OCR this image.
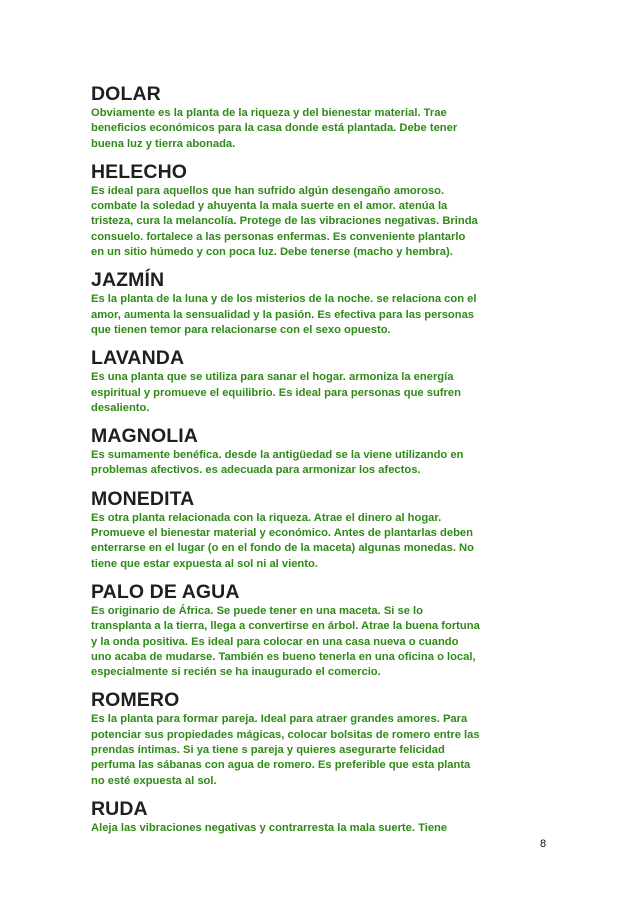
DOLAR

Obviamente es la planta de la riqueza y del bienestar material. Trae
beneficios económicos para la casa donde está plantada. Debe tener
buena luz y tierra abonada.

HELECHO

Es ideal para aquellos que han sufrido algún desengaño amoroso.
combate la soledad y ahuyenta la mala suerte en el amor. atenúa la
tristeza, cura la melancolía. Protege de las vibraciones negativas. Brinda
consuelo. fortalece a las personas enfermas. Es conveniente plantarlo
en un sitio húmedo y con poca luz. Debe tenerse (macho y hembra).

JAZMÍN

Es la planta de la luna y de los misterios de la noche. se relaciona con el
amor, aumenta la sensualidad y la pasión. Es efectiva para las personas
que tienen temor para relacionarse con el sexo opuesto.

LAVANDA

Es una planta que se utiliza para sanar el hogar. armoniza la energía
espiritual y promueve el equilibrio. Es ideal para personas que sufren
desaliento.

MAGNOLIA

Es sumamente benéfica. desde la antigüedad se la viene utilizando en
problemas afectivos. es adecuada para armonizar los afectos.

MONEDITA

Es otra planta relacionada con la riqueza. Atrae el dinero al hogar.
Promueve el bienestar material y económico. Antes de plantarlas deben
enterrarse en el lugar (o en el fondo de la maceta) algunas monedas. No
tiene que estar expuesta al sol ni al viento.

PALO DE AGUA

Es originario de África. Se puede tener en una maceta. Si se lo
transplanta a la tierra, llega a convertirse en árbol. Atrae la buena fortuna
y la onda positiva. Es ideal para colocar en una casa nueva o cuando
uno acaba de mudarse. También es bueno tenerla en una oficina o local,
especialmente si recién se ha inaugurado el comercio.

ROMERO

Es la planta para formar pareja. Ideal para atraer grandes amores. Para
potenciar sus propiedades mágicas, colocar bolsitas de romero entre las
prendas íntimas. Si ya tiene s pareja y quieres asegurarte felicidad
perfuma las sábanas con agua de romero. Es preferible que esta planta
no esté expuesta al sol.

RUDA

Aleja las vibraciones negativas y contrarresta la mala suerte. Tiene

8
